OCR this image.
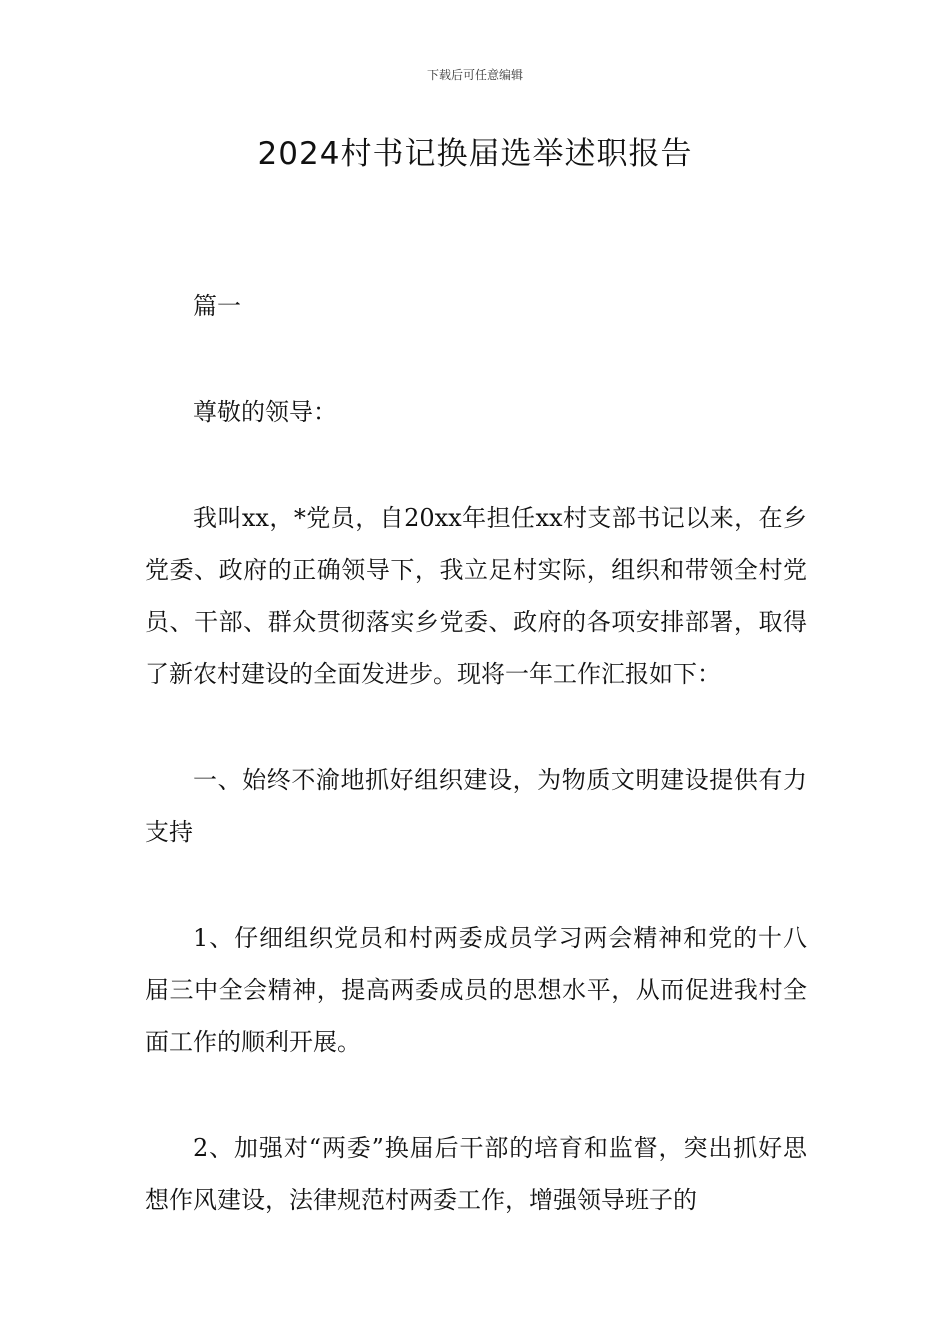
下载后可任意编辑
2024村书记换届选举述职报告

篇一

尊敬的领导：

我叫xx，*党员，自20xx年担任xx村支部书记以来，在乡党委、政府的正确领导下，我立足村实际，组织和带领全村党员、干部、群众贯彻落实乡党委、政府的各项安排部署，取得了新农村建设的全面发进步。现将一年工作汇报如下：

一、始终不渝地抓好组织建设，为物质文明建设提供有力支持

1、仔细组织党员和村两委成员学习两会精神和党的十八届三中全会精神，提高两委成员的思想水平，从而促进我村全面工作的顺利开展。

2、加强对“两委”换届后干部的培育和监督，突出抓好思想作风建设，法律规范村两委工作，增强领导班子的
